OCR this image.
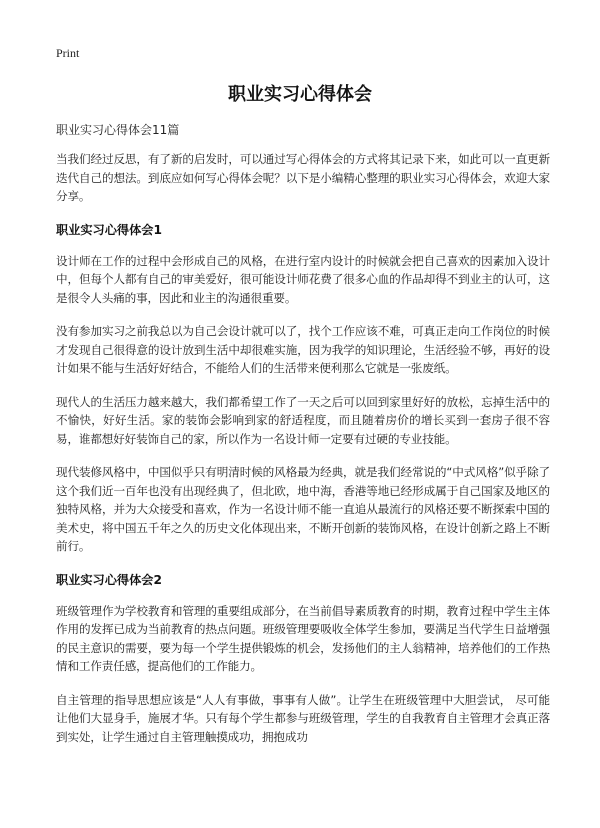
Print
职业实习心得体会
职业实习心得体会11篇

当我们经过反思，有了新的启发时，可以通过写心得体会的方式将其记录下来，如此可以一直更新迭代自己的想法。到底应如何写心得体会呢？以下是小编精心整理的职业实习心得体会，欢迎大家分享。

职业实习心得体会1

设计师在工作的过程中会形成自己的风格，在进行室内设计的时候就会把自己喜欢的因素加入设计中，但每个人都有自己的审美爱好，很可能设计师花费了很多心血的作品却得不到业主的认可，这是很令人头痛的事，因此和业主的沟通很重要。

没有参加实习之前我总以为自己会设计就可以了，找个工作应该不难，可真正走向工作岗位的时候才发现自己很得意的设计放到生活中却很难实施，因为我学的知识理论，生活经验不够，再好的设计如果不能与生活好好结合，不能给人们的生活带来便利那么它就是一张废纸。

现代人的生活压力越来越大，我们都希望工作了一天之后可以回到家里好好的放松，忘掉生活中的不愉快，好好生活。家的装饰会影响到家的舒适程度，而且随着房价的增长买到一套房子很不容易，谁都想好好装饰自己的家，所以作为一名设计师一定要有过硬的专业技能。

现代装修风格中，中国似乎只有明清时候的风格最为经典，就是我们经常说的“中式风格”似乎除了这个我们近一百年也没有出现经典了，但北欧，地中海，香港等地已经形成属于自己国家及地区的独特风格，并为大众接受和喜欢，作为一名设计师不能一直追从最流行的风格还要不断探索中国的美术史，将中国五千年之久的历史文化体现出来，不断开创新的装饰风格，在设计创新之路上不断前行。

职业实习心得体会2

班级管理作为学校教育和管理的重要组成部分，在当前倡导素质教育的时期，教育过程中学生主体作用的发挥已成为当前教育的热点问题。班级管理要吸收全体学生参加，要满足当代学生日益增强的民主意识的需要，要为每一个学生提供锻炼的机会，发扬他们的主人翁精神，培养他们的工作热情和工作责任感，提高他们的工作能力。

自主管理的指导思想应该是“人人有事做，事事有人做”。让学生在班级管理中大胆尝试， 尽可能让他们大显身手，施展才华。只有每个学生都参与班级管理，学生的自我教育自主管理才会真正落到实处，让学生通过自主管理触摸成功，拥抱成功
